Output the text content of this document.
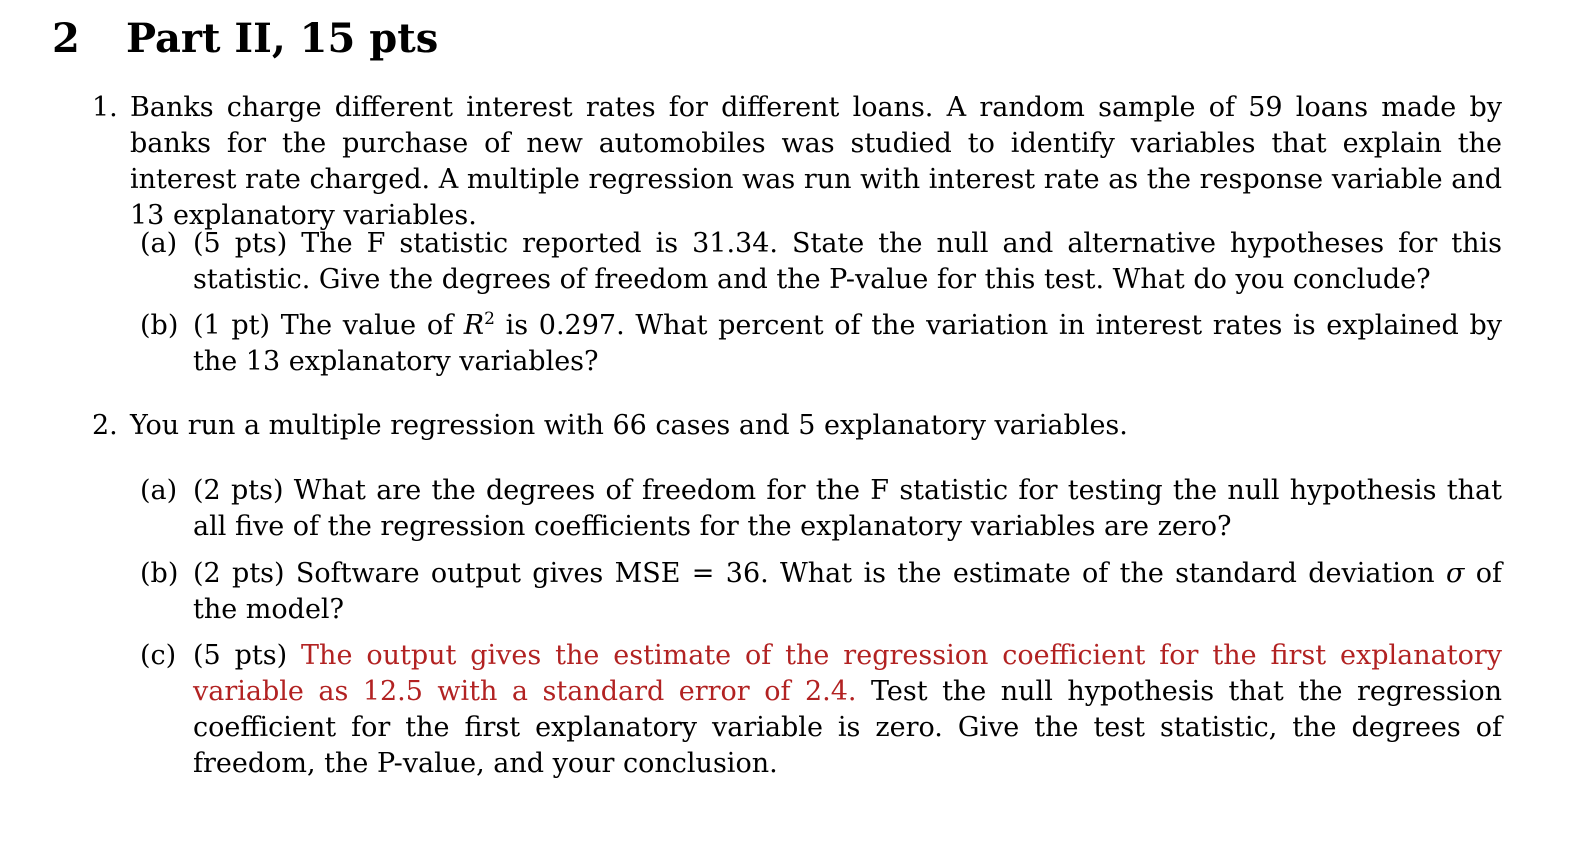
2 Part II, 15 pts
1. Banks charge different interest rates for different loans. A random sample of 59 loans made by banks for the purchase of new automobiles was studied to identify variables that explain the interest rate charged. A multiple regression was run with interest rate as the response variable and 13 explanatory variables.
(a) (5 pts) The F statistic reported is 31.34. State the null and alternative hypotheses for this statistic. Give the degrees of freedom and the P-value for this test. What do you conclude?
(b) (1 pt) The value of $R^2$ is 0.297. What percent of the variation in interest rates is explained by the 13 explanatory variables?
2. You run a multiple regression with 66 cases and 5 explanatory variables.
(a) (2 pts) What are the degrees of freedom for the F statistic for testing the null hypothesis that all five of the regression coefficients for the explanatory variables are zero?
(b) (2 pts) Software output gives MSE = 36. What is the estimate of the standard deviation σ of the model?
(c) (5 pts) The output gives the estimate of the regression coefficient for the first explanatory variable as 12.5 with a standard error of 2.4. Test the null hypothesis that the regression coefficient for the first explanatory variable is zero. Give the test statistic, the degrees of freedom, the P-value, and your conclusion.
